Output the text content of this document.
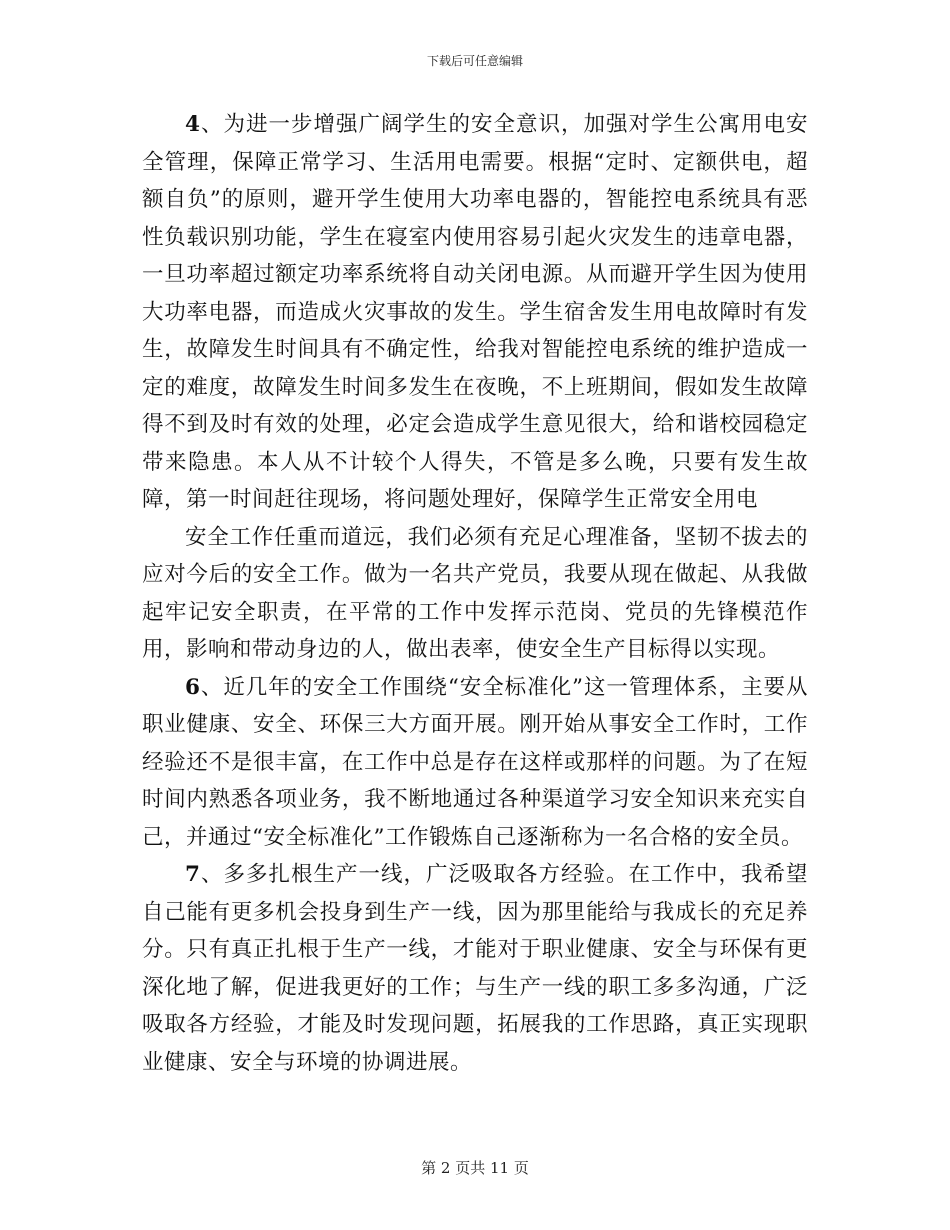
下载后可任意编辑

4、为进一步增强广阔学生的安全意识，加强对学生公寓用电安全管理，保障正常学习、生活用电需要。根据“定时、定额供电，超额自负”的原则，避开学生使用大功率电器的，智能控电系统具有恶性负载识别功能，学生在寝室内使用容易引起火灾发生的违章电器，一旦功率超过额定功率系统将自动关闭电源。从而避开学生因为使用大功率电器，而造成火灾事故的发生。学生宿舍发生用电故障时有发生，故障发生时间具有不确定性，给我对智能控电系统的维护造成一定的难度，故障发生时间多发生在夜晚，不上班期间，假如发生故障得不到及时有效的处理，必定会造成学生意见很大，给和谐校园稳定带来隐患。本人从不计较个人得失，不管是多么晚，只要有发生故障，第一时间赶往现场，将问题处理好，保障学生正常安全用电

安全工作任重而道远，我们必须有充足心理准备，坚韧不拔去的应对今后的安全工作。做为一名共产党员，我要从现在做起、从我做起牢记安全职责，在平常的工作中发挥示范岗、党员的先锋模范作用，影响和带动身边的人，做出表率，使安全生产目标得以实现。

6、近几年的安全工作围绕“安全标准化”这一管理体系，主要从职业健康、安全、环保三大方面开展。刚开始从事安全工作时，工作经验还不是很丰富，在工作中总是存在这样或那样的问题。为了在短时间内熟悉各项业务，我不断地通过各种渠道学习安全知识来充实自己，并通过“安全标准化”工作锻炼自己逐渐称为一名合格的安全员。

7、多多扎根生产一线，广泛吸取各方经验。在工作中，我希望自己能有更多机会投身到生产一线，因为那里能给与我成长的充足养分。只有真正扎根于生产一线，才能对于职业健康、安全与环保有更深化地了解，促进我更好的工作；与生产一线的职工多多沟通，广泛吸取各方经验，才能及时发现问题，拓展我的工作思路，真正实现职业健康、安全与环境的协调进展。

第 2 页共 11 页
